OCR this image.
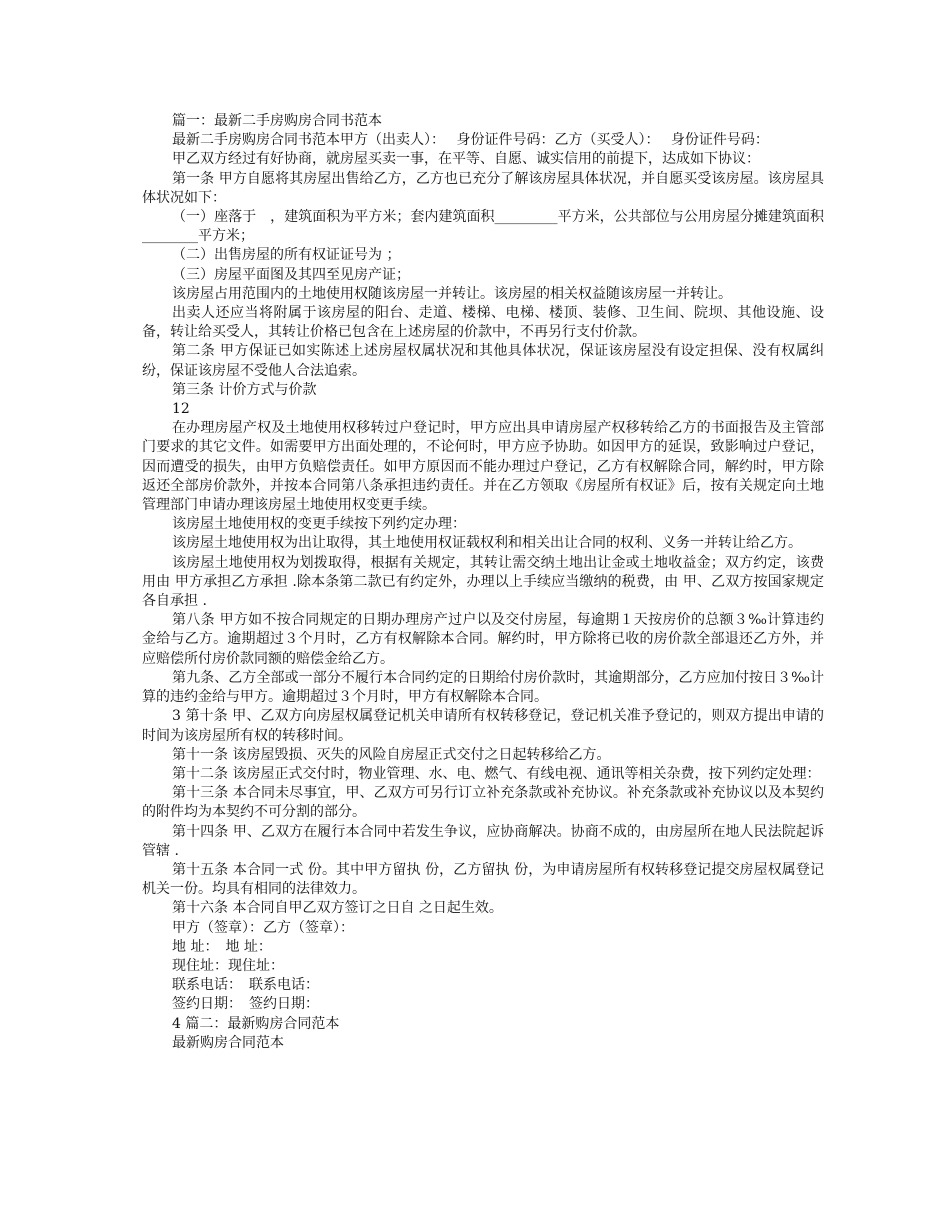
篇一：最新二手房购房合同书范本

最新二手房购房合同书范本甲方（出卖人）：　 身份证件号码：乙方（买受人）：　 身份证件号码：

甲乙双方经过有好协商，就房屋买卖一事，在平等、自愿、诚实信用的前提下，达成如下协议：

第一条 甲方自愿将其房屋出售给乙方，乙方也已充分了解该房屋具体状况，并自愿买受该房屋。该房屋具体状况如下：

（一）座落于　，建筑面积为平方米；套内建筑面积_________平方米，公共部位与公用房屋分摊建筑面积________平方米；

（二）出售房屋的所有权证证号为 ；

（三）房屋平面图及其四至见房产证；

该房屋占用范围内的土地使用权随该房屋一并转让。该房屋的相关权益随该房屋一并转让。

出卖人还应当将附属于该房屋的阳台、走道、楼梯、电梯、楼顶、装修、卫生间、院坝、其他设施、设备，转让给买受人，其转让价格已包含在上述房屋的价款中，不再另行支付价款。

第二条 甲方保证已如实陈述上述房屋权属状况和其他具体状况，保证该房屋没有设定担保、没有权属纠纷，保证该房屋不受他人合法追索。

第三条 计价方式与价款

12

在办理房屋产权及土地使用权移转过户登记时，甲方应出具申请房屋产权移转给乙方的书面报告及主管部门要求的其它文件。如需要甲方出面处理的，不论何时，甲方应予协助。如因甲方的延误，致影响过户登记，因而遭受的损失，由甲方负赔偿责任。如甲方原因而不能办理过户登记，乙方有权解除合同，解约时，甲方除返还全部房价款外，并按本合同第八条承担违约责任。并在乙方领取《房屋所有权证》后，按有关规定向土地管理部门申请办理该房屋土地使用权变更手续。

该房屋土地使用权的变更手续按下列约定办理：

该房屋土地使用权为出让取得，其土地使用权证载权利和相关出让合同的权利、义务一并转让给乙方。

该房屋土地使用权为划拨取得，根据有关规定，其转让需交纳土地出让金或土地收益金；双方约定，该费用由 甲方承担乙方承担 .除本条第二款已有约定外，办理以上手续应当缴纳的税费，由 甲、乙双方按国家规定各自承担 .

第八条 甲方如不按合同规定的日期办理房产过户以及交付房屋，每逾期１天按房价的总额３‰计算违约金给与乙方。逾期超过３个月时，乙方有权解除本合同。解约时，甲方除将已收的房价款全部退还乙方外，并应赔偿所付房价款同额的赔偿金给乙方。

第九条、乙方全部或一部分不履行本合同约定的日期给付房价款时，其逾期部分，乙方应加付按日３‰计算的违约金给与甲方。逾期超过３个月时，甲方有权解除本合同。

3 第十条 甲、乙双方向房屋权属登记机关申请所有权转移登记，登记机关准予登记的，则双方提出申请的时间为该房屋所有权的转移时间。

第十一条 该房屋毁损、灭失的风险自房屋正式交付之日起转移给乙方。

第十二条 该房屋正式交付时，物业管理、水、电、燃气、有线电视、通讯等相关杂费，按下列约定处理：

第十三条 本合同未尽事宜，甲、乙双方可另行订立补充条款或补充协议。补充条款或补充协议以及本契约的附件均为本契约不可分割的部分。

第十四条 甲、乙双方在履行本合同中若发生争议，应协商解决。协商不成的，由房屋所在地人民法院起诉管辖 .

第十五条 本合同一式 份。其中甲方留执 份，乙方留执 份，为申请房屋所有权转移登记提交房屋权属登记机关一份。均具有相同的法律效力。

第十六条 本合同自甲乙双方签订之日自 之日起生效。

甲方（签章）：乙方（签章）：

地 址：　地 址：

现住址：现住址：

联系电话：　联系电话：

签约日期：　签约日期：

4 篇二：最新购房合同范本

最新购房合同范本
